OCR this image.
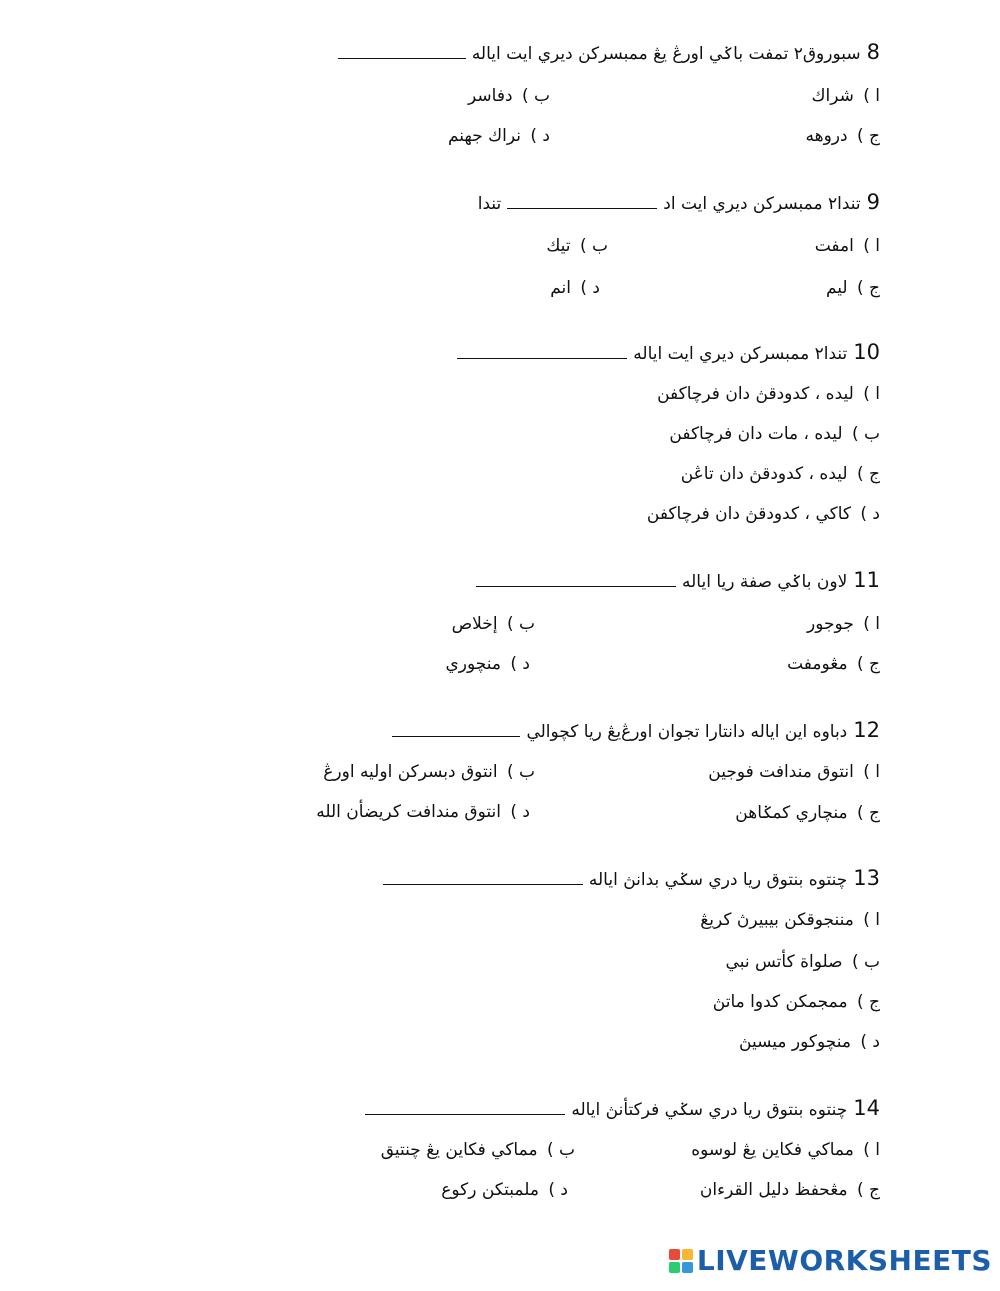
8
سبوروق٢ تمفت باݢي اورڠ يڠ ممبسرکن ديري ايت اياله
ا ) شراك
ب ) دفاسر
ج ) دروهه
د ) نراك جهنم
9
تندا٢ ممبسرکن ديري ايت اد
تندا
ا ) امفت
ب ) تيك
ج ) ليم
د ) انم
10
تندا٢ ممبسرکن ديري ايت اياله
ا ) ليده ، کدودقڽ دان فرچاکفن
ب ) ليده ، مات دان فرچاکفن
ج ) ليده ، کدودقڽ دان تاڠن
د ) کاکي ، کدودقڽ دان فرچاکفن
11
لاون باݢي صفة ريا اياله
ا ) جوجور
ب ) إخلاص
ج ) مڠومفت
د ) منچوري
12
دباوه اين اياله دانتارا تجوان اورڠ‌يڠ ريا کچوالي
ا ) انتوق مندافت فوجين
ب ) انتوق دبسرکن اوليه اورڠ
ج ) منچاري کمݢاهن
د ) انتوق مندافت کريضأن الله
13
چنتوه بنتوق ريا دري سݢي بدانڽ اياله
ا ) مننجوقکن بيبيرڽ کريڠ
ب ) صلواة کأتس نبي
ج ) ممجمکن کدوا ماتڽ
د ) منچوکور ميسيڽ
14
چنتوه بنتوق ريا دري سݢي فرکتأنڽ اياله
ا ) مماکي فکاين يڠ لوسوه
ب ) مماکي فکاين يڠ چنتيق
ج ) مڠحفظ دليل القرءان
د ) ملمبتکن رکوع
LIVEWORKSHEETS
